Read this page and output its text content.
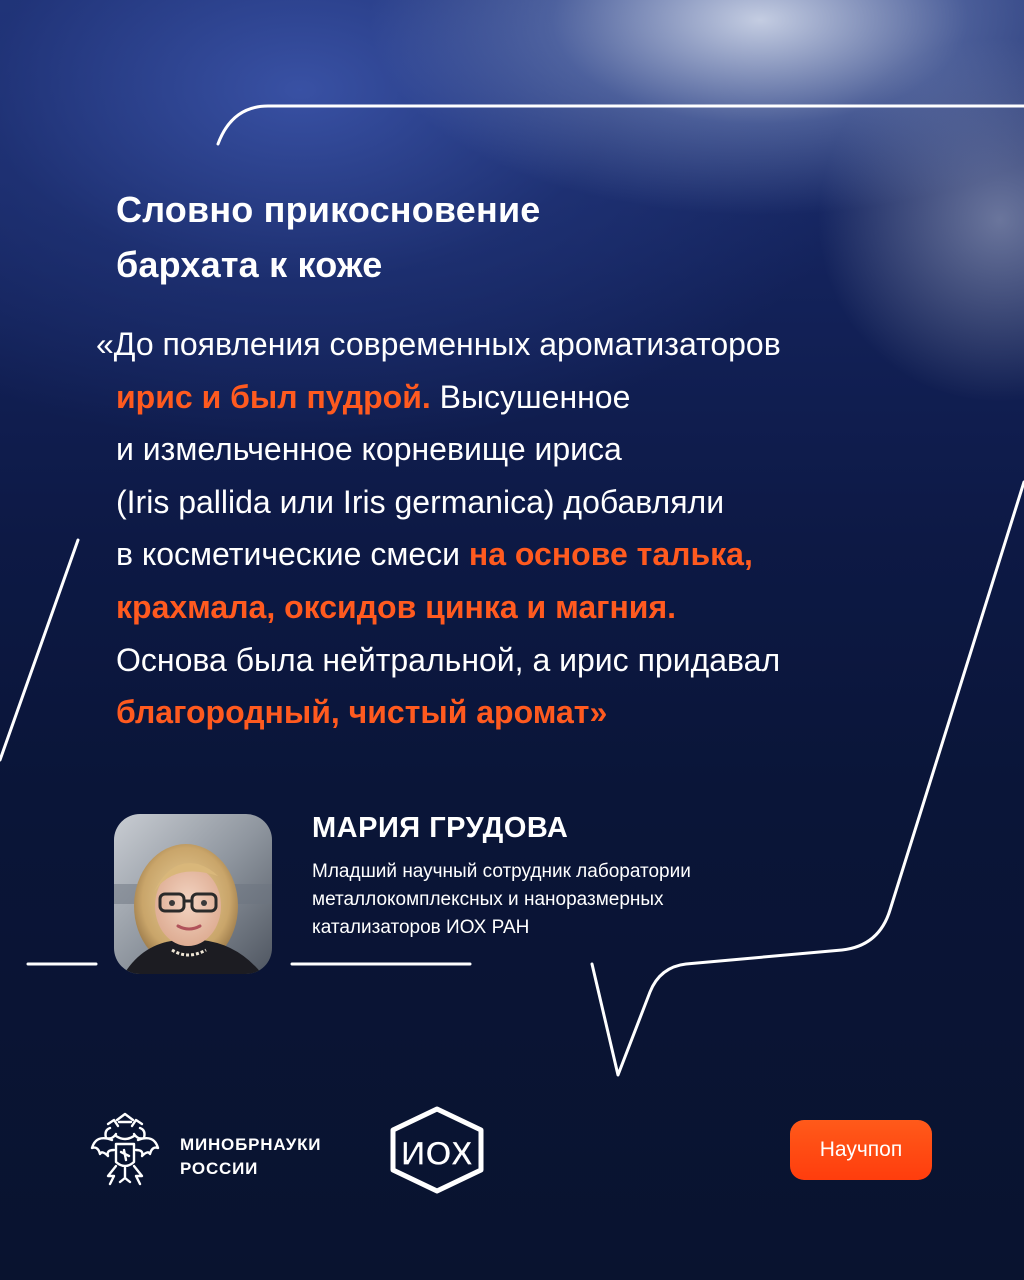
Словно прикосновение
бархата к коже

«До появления современных ароматизаторов
ирис и был пудрой. Высушенное
и измельченное корневище ириса
(Iris pallida или Iris germanica) добавляли
в косметические смеси на основе талька,
крахмала, оксидов цинка и магния.
Основа была нейтральной, а ирис придавал
благородный, чистый аромат»

МАРИЯ ГРУДОВА

Младший научный сотрудник лаборатории
металлокомплексных и наноразмерных
катализаторов ИОХ РАН

МИНОБРНАУКИ
РОССИИ	ИОХ	Научпоп
